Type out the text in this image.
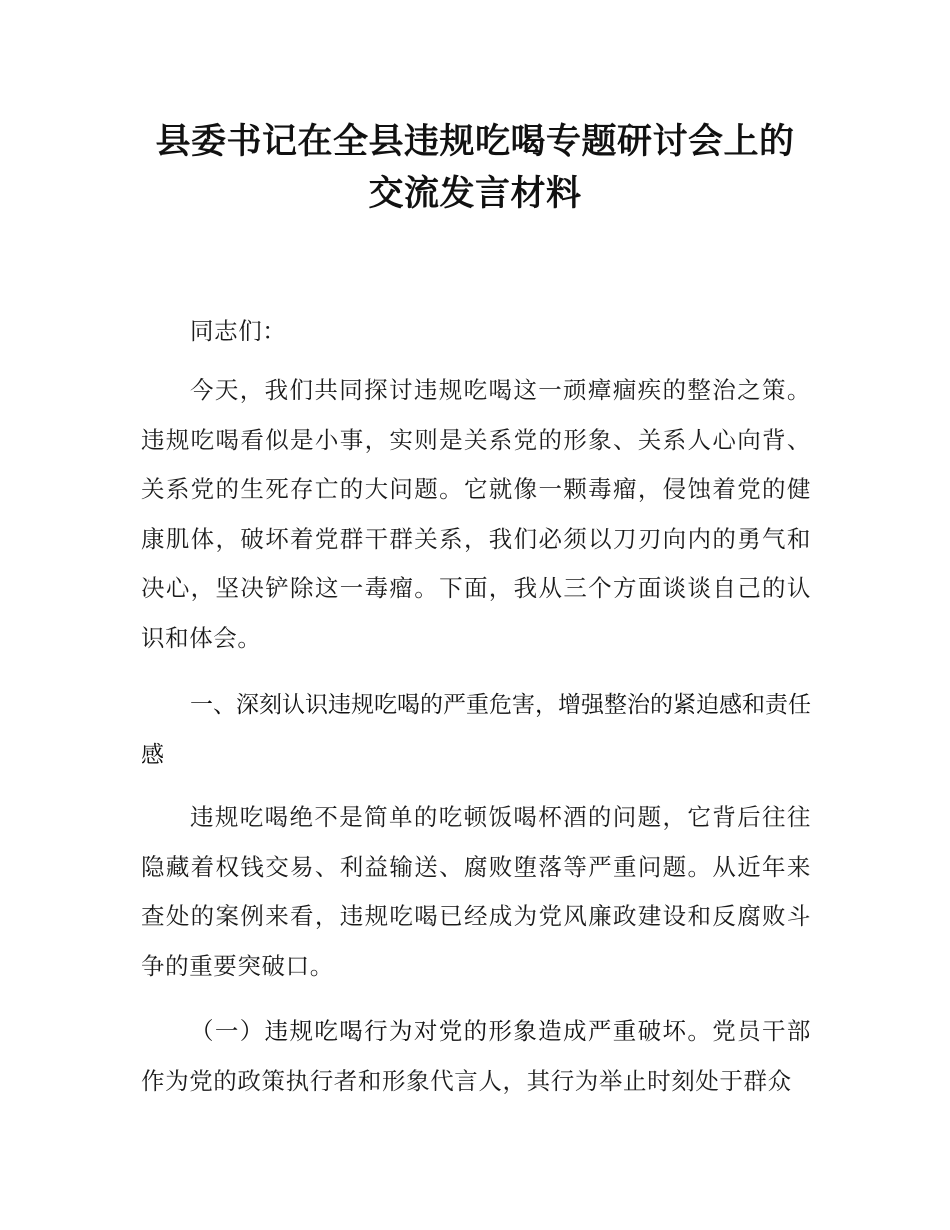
县委书记在全县违规吃喝专题研讨会上的交流发言材料

同志们：

今天，我们共同探讨违规吃喝这一顽瘴痼疾的整治之策。违规吃喝看似是小事，实则是关系党的形象、关系人心向背、关系党的生死存亡的大问题。它就像一颗毒瘤，侵蚀着党的健康肌体，破坏着党群干群关系，我们必须以刀刃向内的勇气和决心，坚决铲除这一毒瘤。下面，我从三个方面谈谈自己的认识和体会。

一、深刻认识违规吃喝的严重危害，增强整治的紧迫感和责任感

违规吃喝绝不是简单的吃顿饭喝杯酒的问题，它背后往往隐藏着权钱交易、利益输送、腐败堕落等严重问题。从近年来查处的案例来看，违规吃喝已经成为党风廉政建设和反腐败斗争的重要突破口。

（一）违规吃喝行为对党的形象造成严重破坏。党员干部作为党的政策执行者和形象代言人，其行为举止时刻处于群众
